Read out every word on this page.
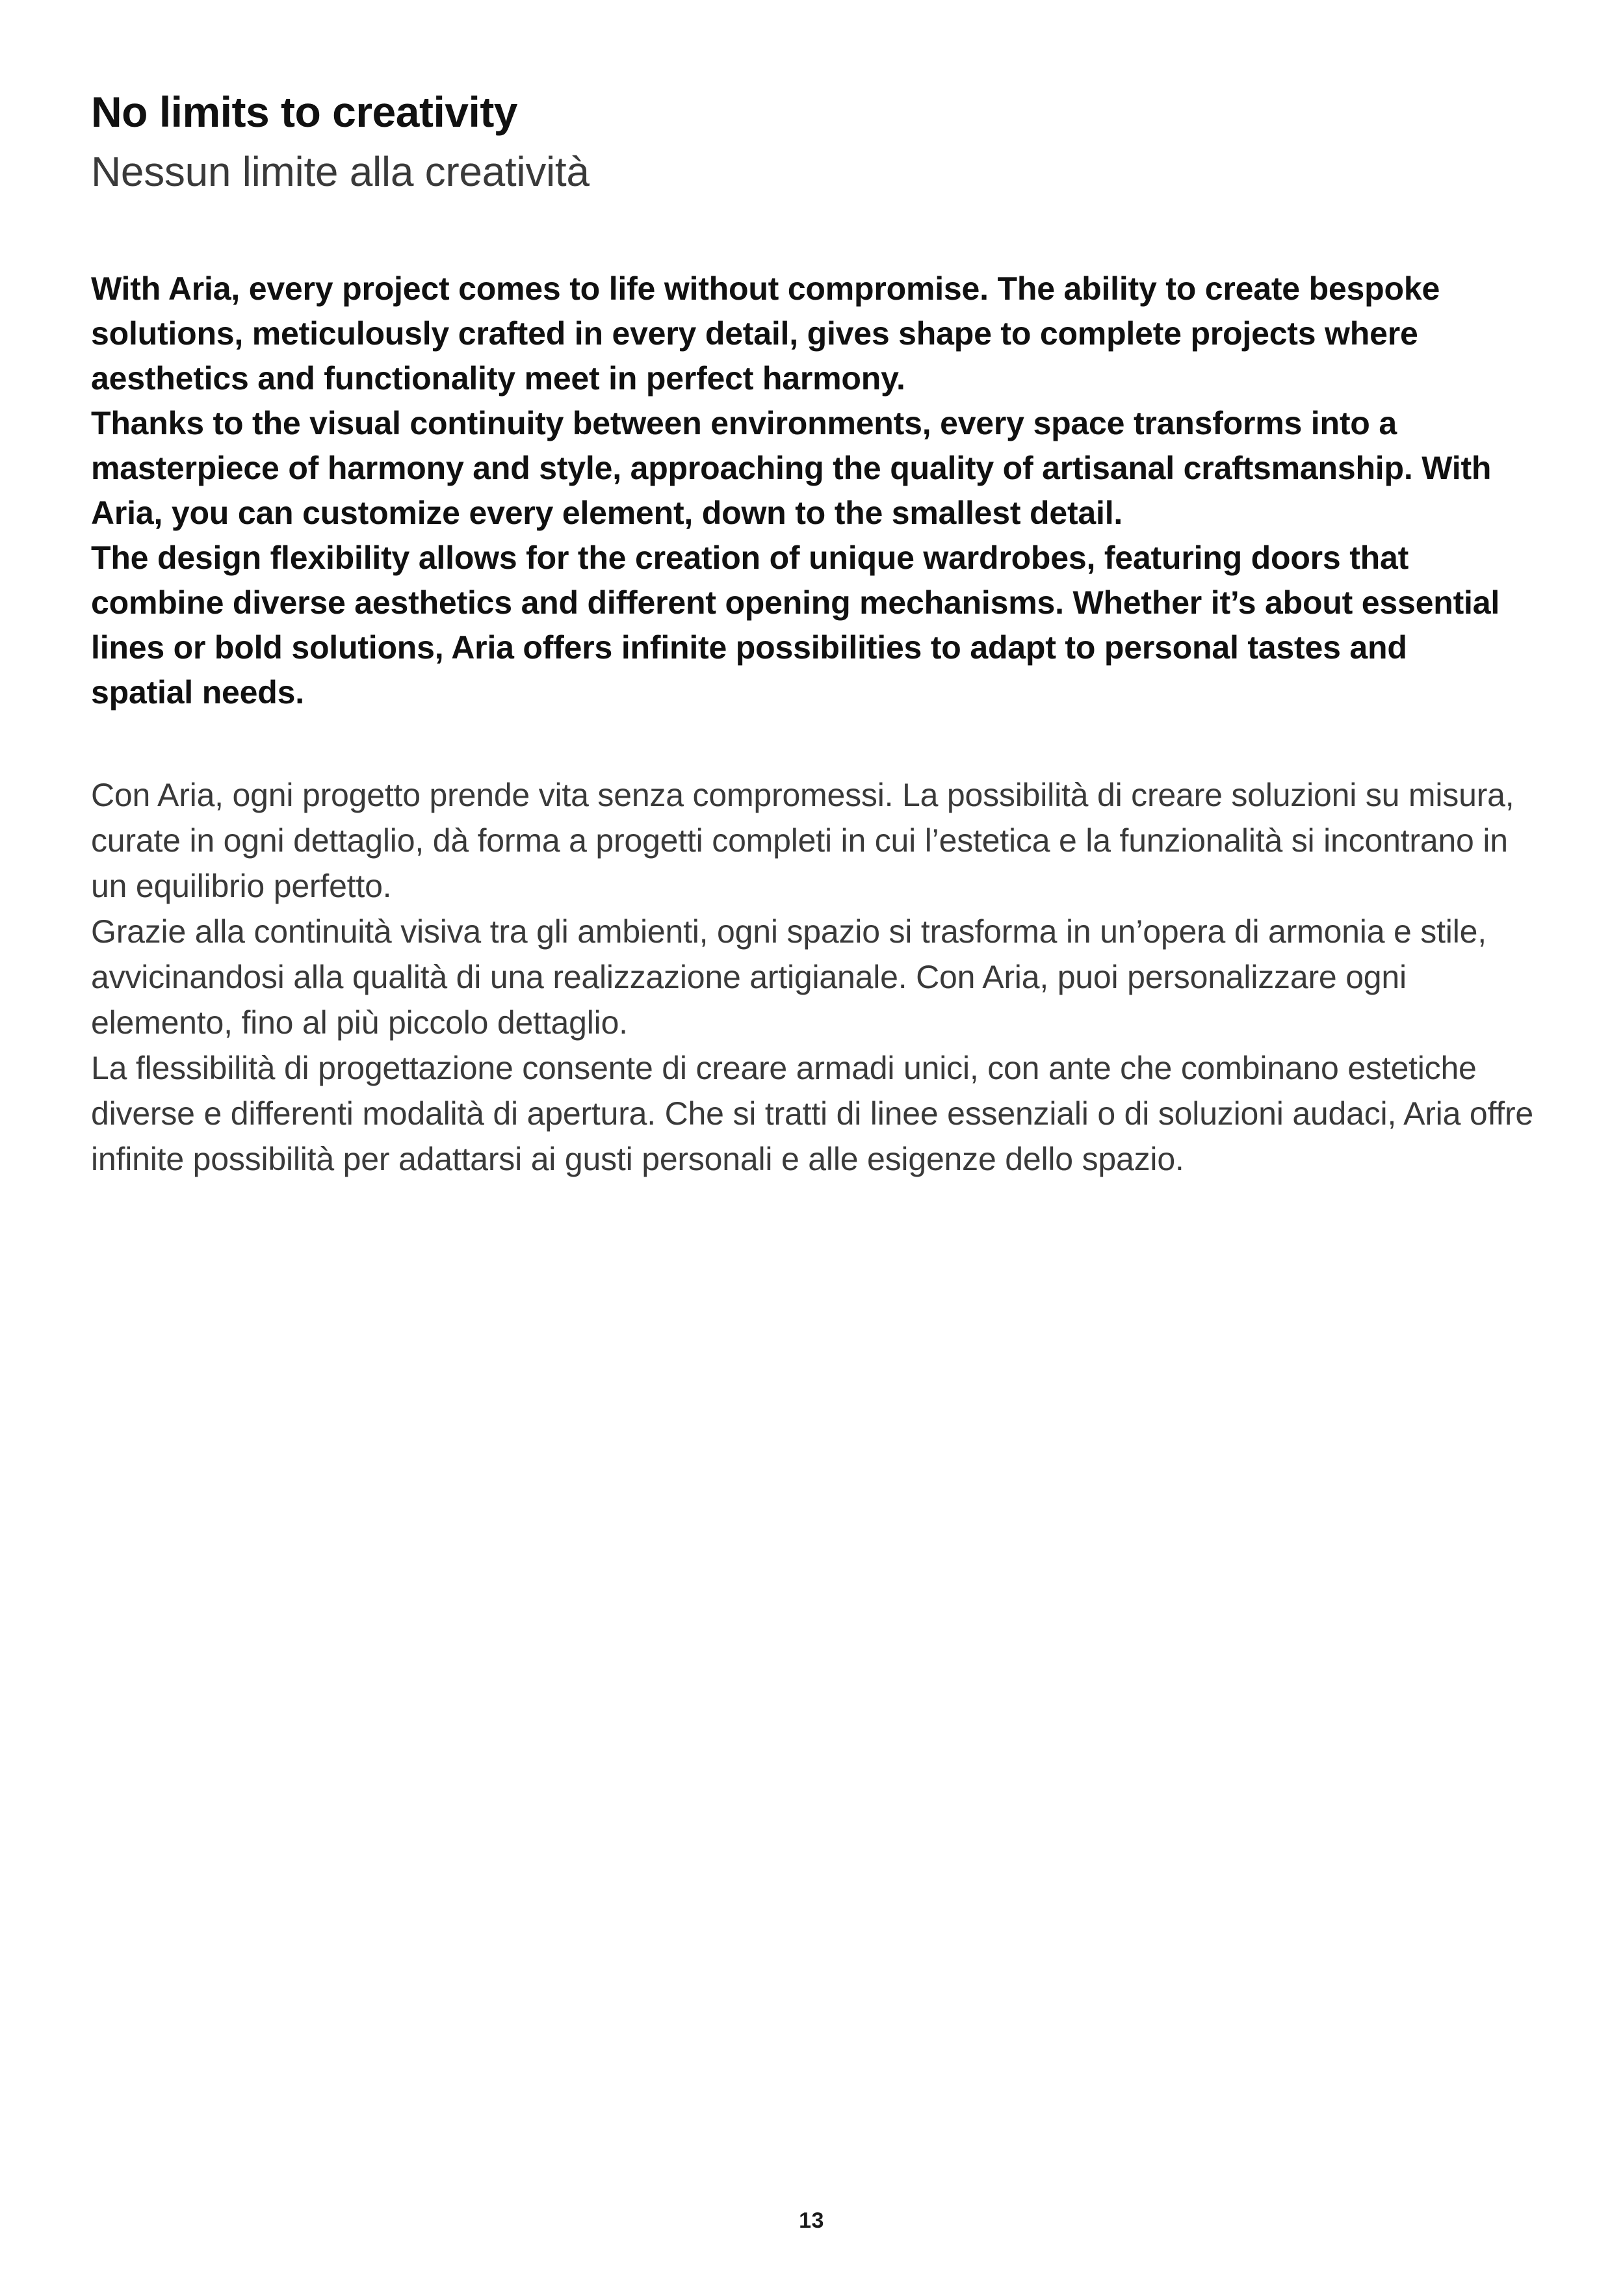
No limits to creativity
Nessun limite alla creatività

With Aria, every project comes to life without compromise. The ability to create bespoke solutions, meticulously crafted in every detail, gives shape to complete projects where aesthetics and functionality meet in perfect harmony.

Thanks to the visual continuity between environments, every space transforms into a masterpiece of harmony and style, approaching the quality of artisanal craftsmanship. With Aria, you can customize every element, down to the smallest detail.

The design flexibility allows for the creation of unique wardrobes, featuring doors that combine diverse aesthetics and different opening mechanisms. Whether it’s about essential lines or bold solutions, Aria offers infinite possibilities to adapt to personal tastes and spatial needs.

Con Aria, ogni progetto prende vita senza compromessi. La possibilità di creare soluzioni su misura, curate in ogni dettaglio, dà forma a progetti completi in cui l’estetica e la funzionalità si incontrano in un equilibrio perfetto.

Grazie alla continuità visiva tra gli ambienti, ogni spazio si trasforma in un’opera di armonia e stile, avvicinandosi alla qualità di una realizzazione artigianale. Con Aria, puoi personalizzare ogni elemento, fino al più piccolo dettaglio.

La flessibilità di progettazione consente di creare armadi unici, con ante che combinano estetiche diverse e differenti modalità di apertura. Che si tratti di linee essenziali o di soluzioni audaci, Aria offre infinite possibilità per adattarsi ai gusti personali e alle esigenze dello spazio.

13
